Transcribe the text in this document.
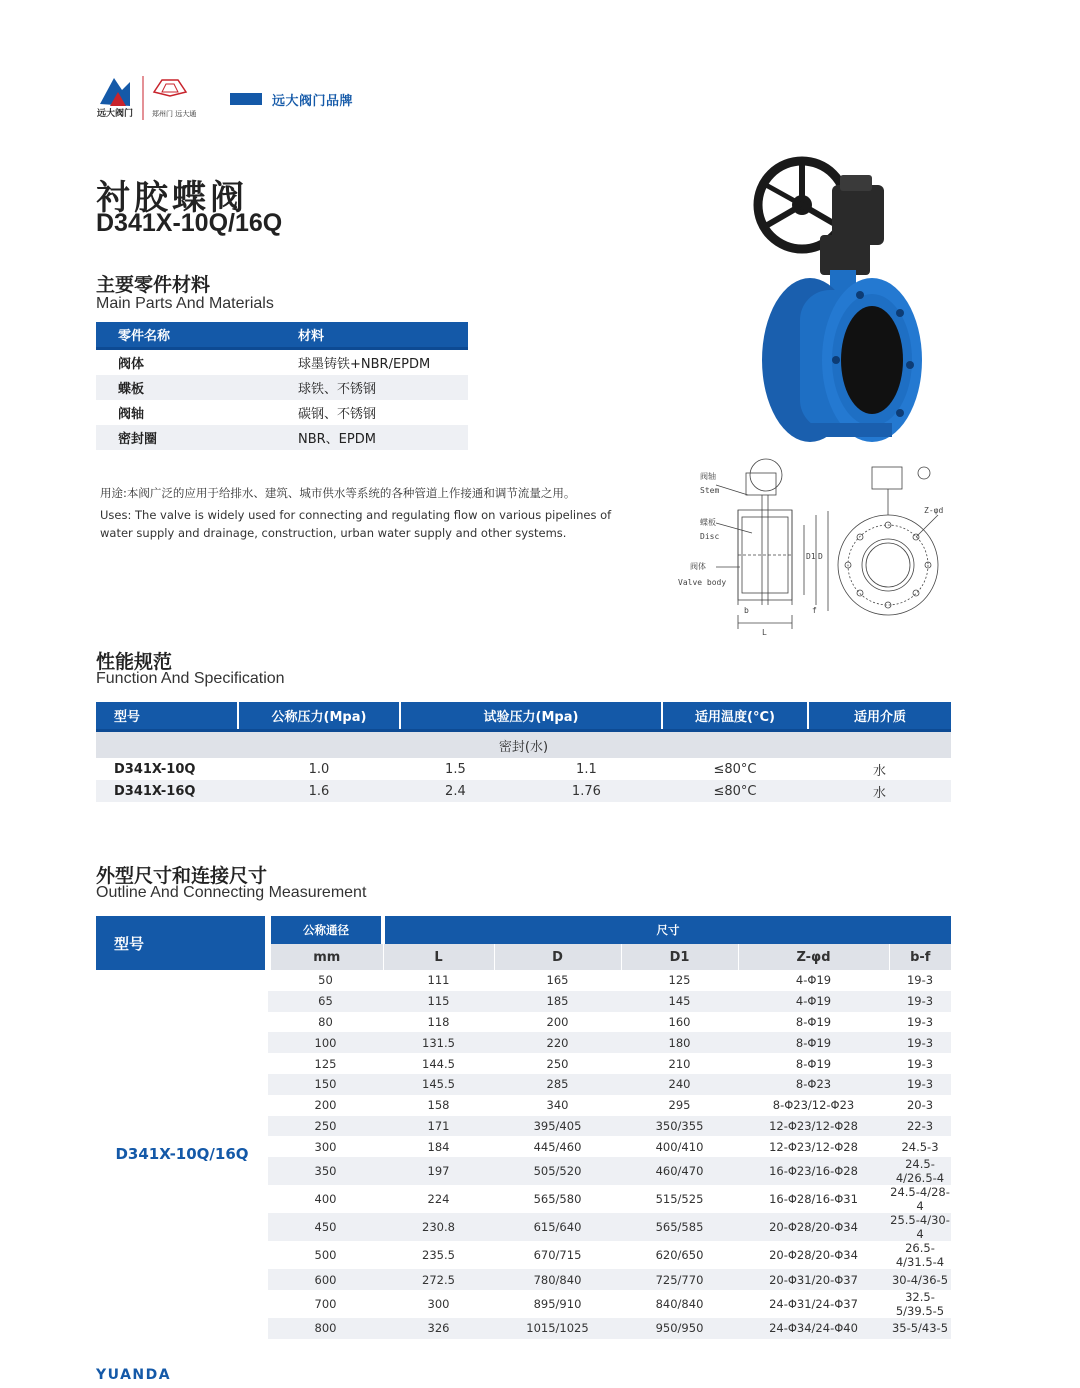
远大阀门	郑州门 远大通
远大阀门品牌
衬胶蝶阀
D341X-10Q/16Q
主要零件材料
Main Parts And Materials
零件名称	材料
阀体	球墨铸铁+NBR/EPDM
蝶板	球铁、不锈钢
阀轴	碳钢、不锈钢
密封圈	NBR、EPDM
用途:本阀广泛的应用于给排水、建筑、城市供水等系统的各种管道上作接通和调节流量之用。
Uses: The valve is widely used for connecting and regulating flow on various pipelines of
water supply and drainage, construction, urban water supply and other systems.
阀轴
Stem
蝶板
Disc
阀体
Valve body
Z-φd
L
D
D1
f
b
性能规范
Function And Specification
型号	公称压力(Mpa)	试验压力(Mpa)		适用温度(°C)	适用介质
密封(水)					
D341X-10Q	1.0	1.5	1.1	≤80°C	水
D341X-16Q	1.6	2.4	1.76	≤80°C	水
外型尺寸和连接尺寸
Outline And Connecting Measurement
型号	公称通径	尺寸				
	mm	L	D	D1	Z-φd	b-f
D341X-10Q/16Q	50	111	165	125	4-Φ19	19-3
	65	115	185	145	4-Φ19	19-3
	80	118	200	160	8-Φ19	19-3
	100	131.5	220	180	8-Φ19	19-3
	125	144.5	250	210	8-Φ19	19-3
	150	145.5	285	240	8-Φ23	19-3
	200	158	340	295	8-Φ23/12-Φ23	20-3
	250	171	395/405	350/355	12-Φ23/12-Φ28	22-3
	300	184	445/460	400/410	12-Φ23/12-Φ28	24.5-3
	350	197	505/520	460/470	16-Φ23/16-Φ28	24.5-4/26.5-4
	400	224	565/580	515/525	16-Φ28/16-Φ31	24.5-4/28-4
	450	230.8	615/640	565/585	20-Φ28/20-Φ34	25.5-4/30-4
	500	235.5	670/715	620/650	20-Φ28/20-Φ34	26.5-4/31.5-4
	600	272.5	780/840	725/770	20-Φ31/20-Φ37	30-4/36-5
	700	300	895/910	840/840	24-Φ31/24-Φ37	32.5-5/39.5-5
	800	326	1015/1025	950/950	24-Φ34/24-Φ40	35-5/43-5
YUANDA
